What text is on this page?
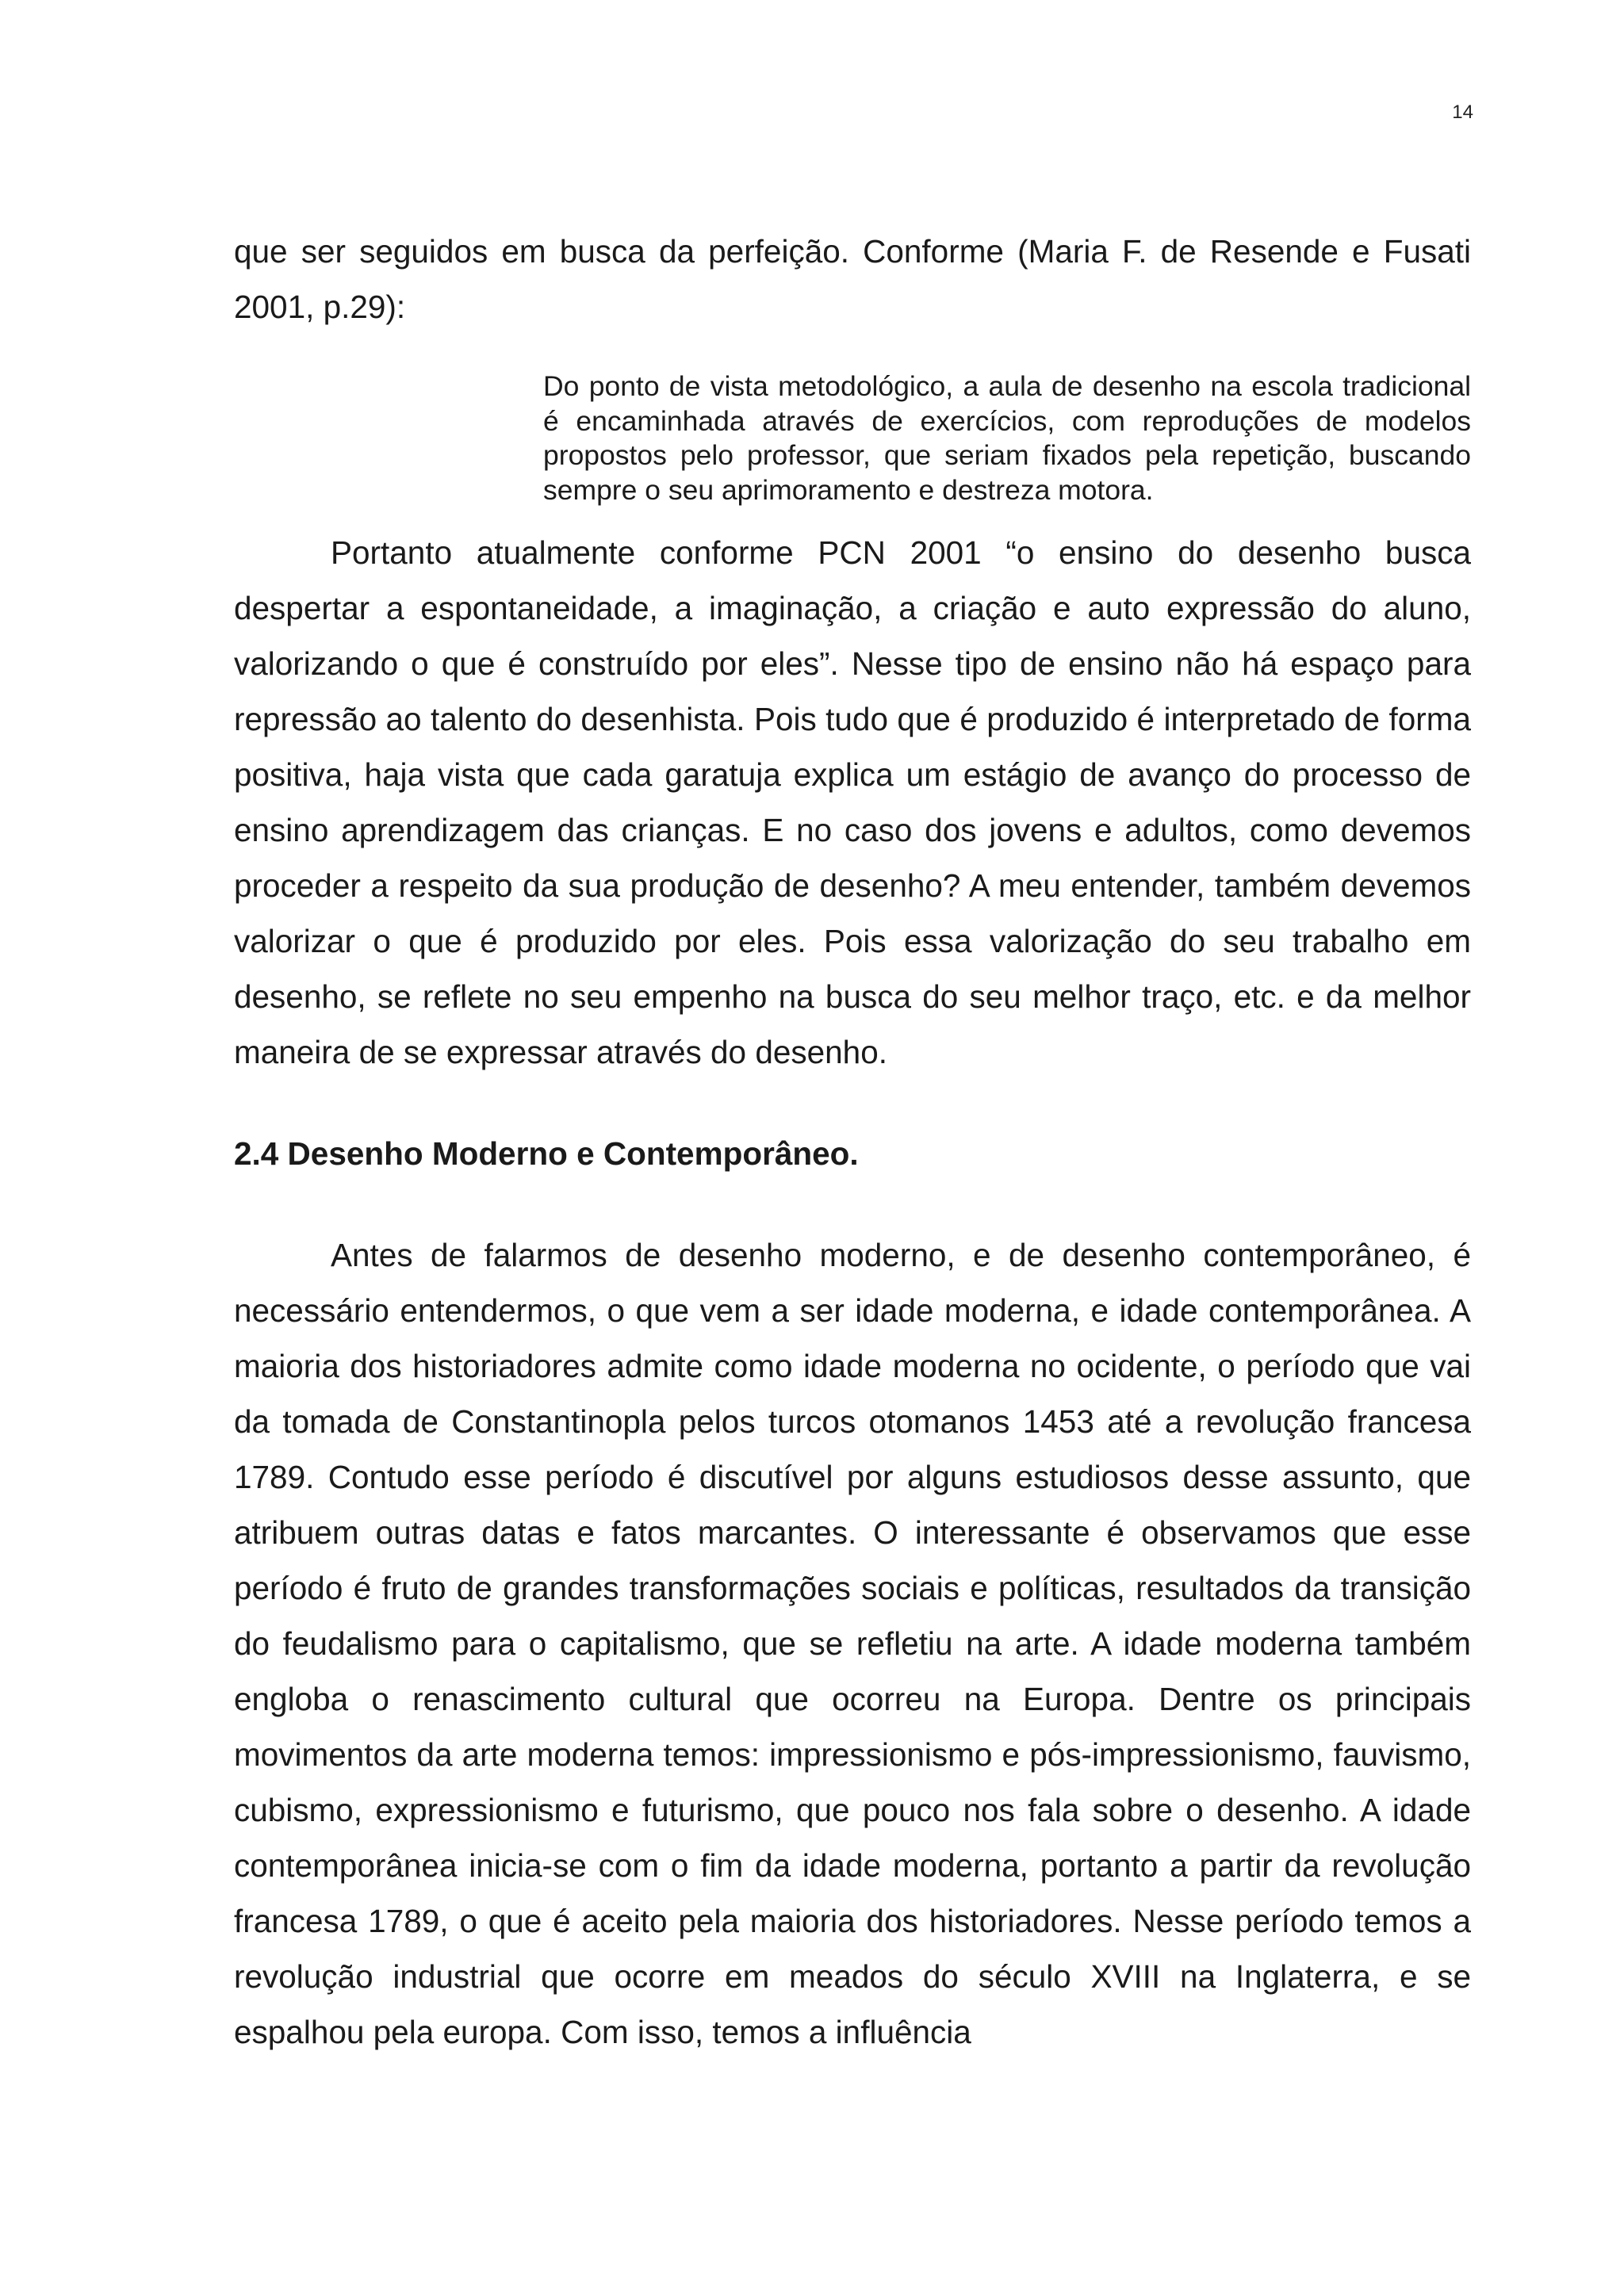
14

que ser seguidos em busca da perfeição. Conforme (Maria F. de Resende e Fusati 2001, p.29):

Do ponto de vista metodológico, a aula de desenho na escola tradicional é encaminhada através de exercícios, com reproduções de modelos propostos pelo professor, que seriam fixados pela repetição, buscando sempre o seu aprimoramento e destreza motora.

Portanto atualmente conforme PCN 2001 “o ensino do desenho busca despertar a espontaneidade, a imaginação, a criação e auto expressão do aluno, valorizando o que é construído por eles”. Nesse tipo de ensino não há espaço para repressão ao talento do desenhista. Pois tudo que é produzido é interpretado de forma positiva, haja vista que cada garatuja explica um estágio de avanço do processo de ensino aprendizagem das crianças. E no caso dos jovens e adultos, como devemos proceder a respeito da sua produção de desenho? A meu entender, também devemos valorizar o que é produzido por eles. Pois essa valorização do seu trabalho em desenho, se reflete no seu empenho na busca do seu melhor traço, etc. e da melhor maneira de se expressar através do desenho.

2.4 Desenho Moderno e Contemporâneo.

Antes de falarmos de desenho moderno, e de desenho contemporâneo, é necessário entendermos, o que vem a ser idade moderna, e idade contemporânea. A maioria dos historiadores admite como idade moderna no ocidente, o período que vai da tomada de Constantinopla pelos turcos otomanos 1453 até a revolução francesa 1789. Contudo esse período é discutível por alguns estudiosos desse assunto, que atribuem outras datas e fatos marcantes. O interessante é observamos que esse período é fruto de grandes transformações sociais e políticas, resultados da transição do feudalismo para o capitalismo, que se refletiu na arte. A idade moderna também engloba o renascimento cultural que ocorreu na Europa. Dentre os principais movimentos da arte moderna temos: impressionismo e pós-impressionismo, fauvismo, cubismo, expressionismo e futurismo, que pouco nos fala sobre o desenho. A idade contemporânea inicia-se com o fim da idade moderna, portanto a partir da revolução francesa 1789, o que é aceito pela maioria dos historiadores. Nesse período temos a revolução industrial que ocorre em meados do século XVIII na Inglaterra, e se espalhou pela europa. Com isso, temos a influência
